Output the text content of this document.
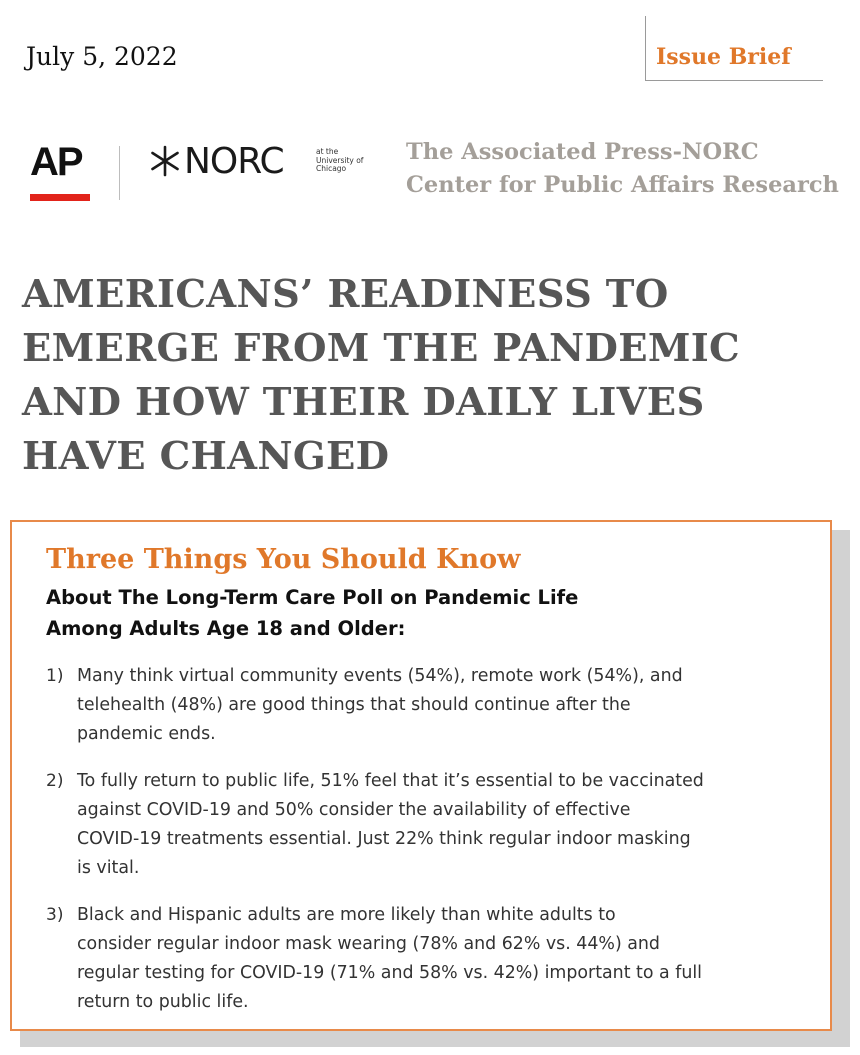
July 5, 2022	Issue Brief
AP	NORC	at the
University of
Chicago
The Associated Press-NORC
Center for Public Affairs Research
AMERICANS’ READINESS TO
EMERGE FROM THE PANDEMIC
AND HOW THEIR DAILY LIVES
HAVE CHANGED
Three Things You Should Know
About The Long-Term Care Poll on Pandemic Life
Among Adults Age 18 and Older:
1) Many think virtual community events (54%), remote work (54%), and
telehealth (48%) are good things that should continue after the
pandemic ends.
2) To fully return to public life, 51% feel that it’s essential to be vaccinated
against COVID-19 and 50% consider the availability of effective
COVID-19 treatments essential. Just 22% think regular indoor masking
is vital.
3) Black and Hispanic adults are more likely than white adults to
consider regular indoor mask wearing (78% and 62% vs. 44%) and
regular testing for COVID-19 (71% and 58% vs. 42%) important to a full
return to public life.
